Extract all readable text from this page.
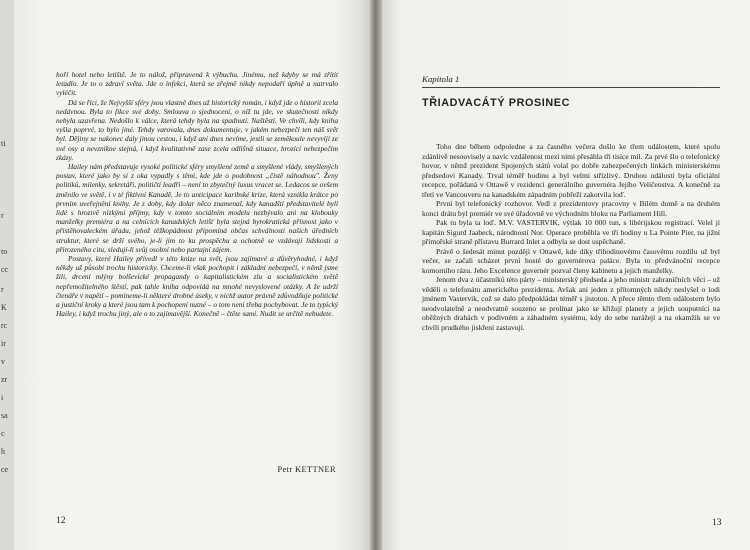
ti
r
to
cc
r
K
rc
ir
v
zr
i
sa
c
h
ce

hoří hotel nebo letiště. Je to nálož, připravená k výbuchu. Jinému, než kdyby se má zřítit letadlo. Je to o zdraví světa. Jde o infekci, která se zřejmě nikdy nepodaří úplně a natrvalo vyléčit.

Dá se říci, že Nejvyšší sféry jsou vlastně dnes už historický román, i když jde o historii zcela nedávnou. Byla to fikce své doby. Smlouva o sjednocení, o níž tu jde, ve skutečnosti nikdy nebyla uzavřena. Nedošlo k válce, která tehdy byla na spadnutí. Naštěstí. Ve chvíli, kdy kniha vyšla poprvé, to bylo jiné. Tehdy varovala, dnes dokumentuje, v jakém nebezpečí ten náš svět byl. Dějiny se nakonec daly jinou cestou, i když ani dnes nevíme, jestli se zeměkoule nevyvíjí ze své osy a nevznikne stejná, i když kvalitativně zase zcela odlišná situace, hrozící nebezpečím zkázy.

Hailey nám představuje vysoké politické sféry smyšlené země a smyšlené vlády, smyšlených postav, které jako by si z oka vypadly s těmi, kde jde o podobnost „čistě náhodnou". Ženy politiků, milenky, sekretáři, političtí leadři – není to zbytečný luxus vracet se. Ledacos se ovšem změnilo ve světě, i v té fiktivní Kanadě. Je to anticipace karibské krize, která vznikla krátce po prvním uveřejnění knihy. Je z doby, kdy dolar něco znamenal, kdy kanadští představitelé byli lidé s hrozivě nízkými příjmy, kdy v tomto sociálním modelu nezbývalo ani na klobouky manželky premiéra a na celnících kanadských letišť byla stejná byrokratická přísnost jako v přistěhovaleckém úřadu, jehož těžkopádnost připomíná občas schválnosti našich úředních struktur, které se drží svého, je-li jim to ku prospěchu a ochotně se vzdávají lidskosti a přirozeného citu, sledují-li svůj osobní nebo partajní zájem.

Postavy, které Hailey přivedl v této knize na svět, jsou zajímavé a důvěryhodné, i když někdy už působí trochu historicky. Chceme-li však pochopit i základní nebezpečí, v němž jsme žili, drcení mlýny bolševické propagandy o kapitalistickém zlu a socialistickém světě nepřemožitelného štěstí, pak tahle kniha odpovídá na mnohé nevyslovené otázky. A že udrží čtenáře v napětí – pominemе-li některé drobné úseky, v nichž autor právně zdůvodňuje politické a justiční kroky a které jsou tam k pochopení nutné – o tom není třeba pochybovat. Je to typický Hailey, i když trochu jiný, ale o to zajímavější. Konečně – čtěte sami. Nudit se určitě nebudete.

Petr KETTNER
12
Kapitola 1
TŘIADVACÁTÝ PROSINEC

Toho dne během odpoledne a za časného večera došlo ke třem událostem, které spolu zdánlivě nesouvisely a navíc vzdálenost mezi nimi přesáhla tři tisíce mil. Za prvé šlo o telefonický hovor, v němž prezident Spojených států volal po dobře zabezpečených linkách ministerskému předsedovi Kanady. Trval téměř hodinu a byl velmi střízlivý. Druhou událostí byla oficiální recepce, pořádaná v Ottawě v rezidenci generálního guvernéra Jejího Veličenstva. A konečně za třetí ve Vancouveru na kanadském západním pobřeží zakotvila loď.

První byl telefonický rozhovor. Vedl z prezidentovy pracovny v Bílém domě a na druhém konci drátu byl premiér ve své úřadovně ve východním bloku na Parliament Hill.

Pak tu byla ta loď. M.V. VASTERVIK, výtlak 10 000 tun, s libérijskou registrací. Velel jí kapitán Sigurd Jaabeck, národností Nor. Operace proběhla ve tři hodiny u La Pointe Pier, na jižní přímořské straně přístavu Burrard Inlet a odbyla se dost uspěchaně.

Právě o šedesát minut později v Ottawě, kde díky třihodinovému časovému rozdílu už byl večer, se začali scházet první hosté do guvernérova paláce. Byla to předvánoční recepce komorního rázu. Jeho Excelence guvernér pozval členy kabinetu a jejich manželky.

Jenom dva z účastníků této párty – ministerský předseda a jeho ministr zahraničních věcí – už věděli o telefonátu amerického prezidenta. Avšak ani jeden z přítomných nikdy neslyšel o lodi jménem Vastervik, což se dalo předpokládat téměř s jistotou. A přece těmto třem událostem bylo neodvolatelně a neodvratně souzeno se prolínat jako se křižují planety a jejich souputníci na oběžných drahách v podivném a záhadném systému, kdy do sebe narážejí a na okamžik se ve chvíli prudkého jiskření zastavují.

13
